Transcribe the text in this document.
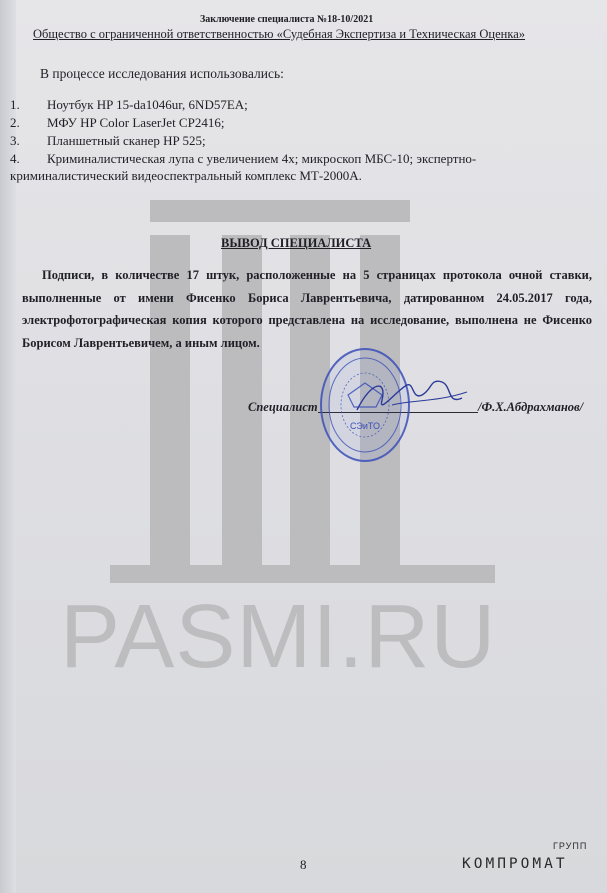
PASMI.RU
Заключение специалиста №18-10/2021
Общество с ограниченной ответственностью «Судебная Экспертиза и Техническая Оценка»
В процессе исследования использовались:
1. Ноутбук HP 15-da1046ur, 6ND57EA;
2. МФУ HP Color LaserJet CP2416;
3. Планшетный сканер HP 525;
4. Криминалистическая лупа с увеличением 4х; микроскоп МБС-10; экспертно-
криминалистический видеоспектральный комплекс МТ-2000А.
ВЫВОД СПЕЦИАЛИСТА
Подписи, в количестве 17 штук, расположенные на 5 страницах протокола очной ставки, выполненные от имени Фисенко Бориса Лаврентьевича, датированном 24.05.2017 года, электрофотографическая копия которого представлена на исследование, выполнена не Фисенко Борисом Лаврентьевичем, а иным лицом.
Специалист	/Ф.Х.Абдрахманов/
СЭиТО
8	КОМПРОМАТ
ГРУПП
